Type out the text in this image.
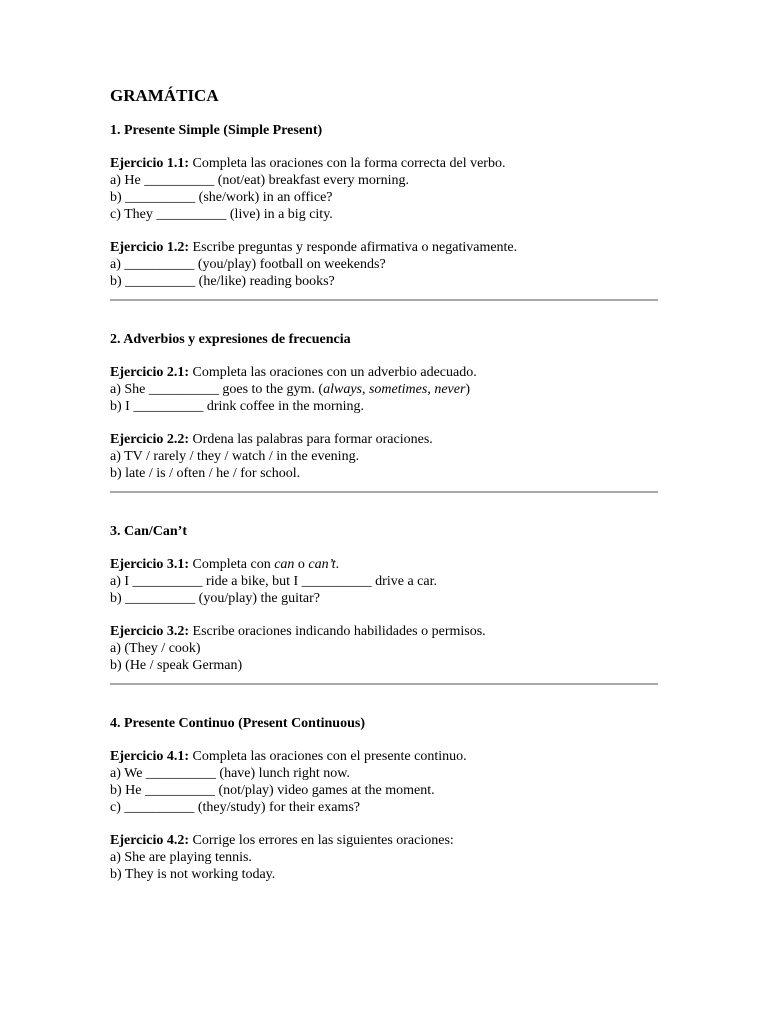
GRAMÁTICA
1. Presente Simple (Simple Present)
Ejercicio 1.1: Completa las oraciones con la forma correcta del verbo.
a) He __________ (not/eat) breakfast every morning.
b) __________ (she/work) in an office?
c) They __________ (live) in a big city.
Ejercicio 1.2: Escribe preguntas y responde afirmativa o negativamente.
a) __________ (you/play) football on weekends?
b) __________ (he/like) reading books?
2. Adverbios y expresiones de frecuencia
Ejercicio 2.1: Completa las oraciones con un adverbio adecuado.
a) She __________ goes to the gym. (always, sometimes, never)
b) I __________ drink coffee in the morning.
Ejercicio 2.2: Ordena las palabras para formar oraciones.
a) TV / rarely / they / watch / in the evening.
b) late / is / often / he / for school.
3. Can/Can’t
Ejercicio 3.1: Completa con can o can’t.
a) I __________ ride a bike, but I __________ drive a car.
b) __________ (you/play) the guitar?
Ejercicio 3.2: Escribe oraciones indicando habilidades o permisos.
a) (They / cook)
b) (He / speak German)
4. Presente Continuo (Present Continuous)
Ejercicio 4.1: Completa las oraciones con el presente continuo.
a) We __________ (have) lunch right now.
b) He __________ (not/play) video games at the moment.
c) __________ (they/study) for their exams?
Ejercicio 4.2: Corrige los errores en las siguientes oraciones:
a) She are playing tennis.
b) They is not working today.
